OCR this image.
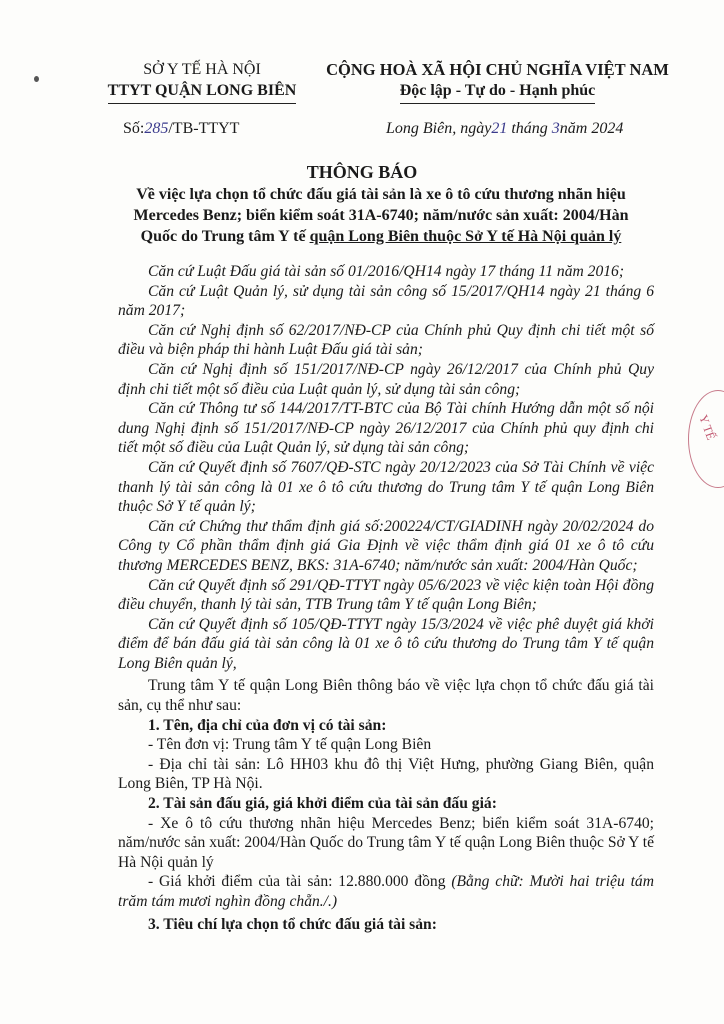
SỞ Y TẾ HÀ NỘI
TTYT QUẬN LONG BIÊN
CỘNG HOÀ XÃ HỘI CHỦ NGHĨA VIỆT NAM
Độc lập - Tự do - Hạnh phúc
Số:285/TB-TTYT	Long Biên, ngày21 tháng 3năm 2024
THÔNG BÁO
Về việc lựa chọn tổ chức đấu giá tài sản là xe ô tô cứu thương nhãn hiệu Mercedes Benz; biển kiểm soát 31A-6740; năm/nước sản xuất: 2004/Hàn Quốc do Trung tâm Y tế quận Long Biên thuộc Sở Y tế Hà Nội quản lý

Căn cứ Luật Đấu giá tài sản số 01/2016/QH14 ngày 17 tháng 11 năm 2016;

Căn cứ Luật Quản lý, sử dụng tài sản công số 15/2017/QH14 ngày 21 tháng 6 năm 2017;

Căn cứ Nghị định số 62/2017/NĐ-CP của Chính phủ Quy định chi tiết một số điều và biện pháp thi hành Luật Đấu giá tài sản;

Căn cứ Nghị định số 151/2017/NĐ-CP ngày 26/12/2017 của Chính phủ Quy định chi tiết một số điều của Luật quản lý, sử dụng tài sản công;

Căn cứ Thông tư số 144/2017/TT-BTC của Bộ Tài chính Hướng dẫn một số nội dung Nghị định số 151/2017/NĐ-CP ngày 26/12/2017 của Chính phủ quy định chi tiết một số điều của Luật Quản lý, sử dụng tài sản công;

Căn cứ Quyết định số 7607/QĐ-STC ngày 20/12/2023 của Sở Tài Chính về việc thanh lý tài sản công là 01 xe ô tô cứu thương do Trung tâm Y tế quận Long Biên thuộc Sở Y tế quản lý;

Căn cứ Chứng thư thẩm định giá số:200224/CT/GIADINH ngày 20/02/2024 do Công ty Cổ phần thẩm định giá Gia Định về việc thẩm định giá 01 xe ô tô cứu thương MERCEDES BENZ, BKS: 31A-6740; năm/nước sản xuất: 2004/Hàn Quốc;

Căn cứ Quyết định số 291/QĐ-TTYT ngày 05/6/2023 về việc kiện toàn Hội đồng điều chuyển, thanh lý tài sản, TTB Trung tâm Y tế quận Long Biên;

Căn cứ Quyết định số 105/QĐ-TTYT ngày 15/3/2024 về việc phê duyệt giá khởi điểm để bán đấu giá tài sản công là 01 xe ô tô cứu thương do Trung tâm Y tế quận Long Biên quản lý,

Trung tâm Y tế quận Long Biên thông báo về việc lựa chọn tổ chức đấu giá tài sản, cụ thể như sau:

1. Tên, địa chỉ của đơn vị có tài sản:

- Tên đơn vị: Trung tâm Y tế quận Long Biên

- Địa chỉ tài sản: Lô HH03 khu đô thị Việt Hưng, phường Giang Biên, quận Long Biên, TP Hà Nội.

2. Tài sản đấu giá, giá khởi điểm của tài sản đấu giá:

- Xe ô tô cứu thương nhãn hiệu Mercedes Benz; biển kiểm soát 31A-6740; năm/nước sản xuất: 2004/Hàn Quốc do Trung tâm Y tế quận Long Biên thuộc Sở Y tế Hà Nội quản lý

- Giá khởi điểm của tài sản: 12.880.000 đồng (Bằng chữ: Mười hai triệu tám trăm tám mươi nghìn đồng chẵn./.)

3. Tiêu chí lựa chọn tổ chức đấu giá tài sản:

Y TẾ
